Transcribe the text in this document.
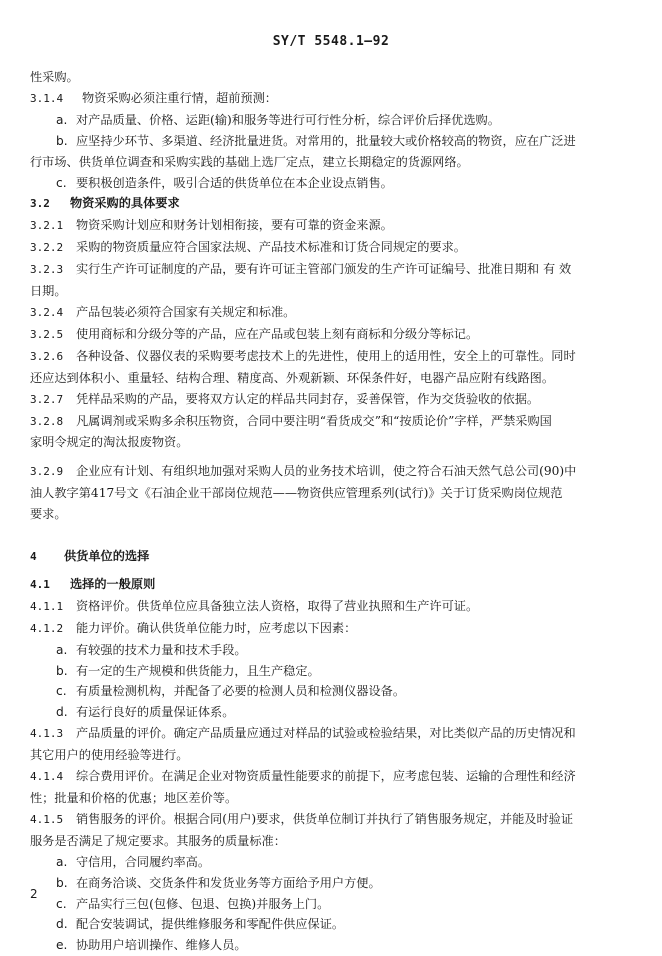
SY/T 5548.1—92

性采购。

3.1.4 物资采购必须注重行情，超前预测：

a. 对产品质量、价格、运距(输)和服务等进行可行性分析，综合评价后择优选购。

b. 应坚持少环节、多渠道、经济批量进货。对常用的，批量较大或价格较高的物资，应在广泛进

行市场、供货单位调查和采购实践的基础上选厂定点，建立长期稳定的货源网络。

c. 要积极创造条件，吸引合适的供货单位在本企业设点销售。

3.2 物资采购的具体要求

3.2.1 物资采购计划应和财务计划相衔接，要有可靠的资金来源。

3.2.2 采购的物资质量应符合国家法规、产品技术标准和订货合同规定的要求。

3.2.3 实行生产许可证制度的产品，要有许可证主管部门颁发的生产许可证编号、批准日期和 有 效

日期。

3.2.4 产品包装必须符合国家有关规定和标准。

3.2.5 使用商标和分级分等的产品，应在产品或包装上刻有商标和分级分等标记。

3.2.6 各种设备、仪器仪表的采购要考虑技术上的先进性，使用上的适用性，安全上的可靠性。同时

还应达到体积小、重量轻、结构合理、精度高、外观新颖、环保条件好，电器产品应附有线路图。

3.2.7 凭样品采购的产品，要将双方认定的样品共同封存，妥善保管，作为交货验收的依据。

3.2.8 凡属调剂或采购多余积压物资，合同中要注明“看货成交”和“按质论价”字样，严禁采购国

家明令规定的淘汰报废物资。

3.2.9 企业应有计划、有组织地加强对采购人员的业务技术培训，使之符合石油天然气总公司(90)中

油人教字第417号文《石油企业干部岗位规范——物资供应管理系列(试行)》关于订货采购岗位规范

要求。

4 供货单位的选择

4.1 选择的一般原则

4.1.1 资格评价。供货单位应具备独立法人资格，取得了营业执照和生产许可证。

4.1.2 能力评价。确认供货单位能力时，应考虑以下因素：

a. 有较强的技术力量和技术手段。

b. 有一定的生产规模和供货能力，且生产稳定。

c. 有质量检测机构，并配备了必要的检测人员和检测仪器设备。

d. 有运行良好的质量保证体系。

4.1.3 产品质量的评价。确定产品质量应通过对样品的试验或检验结果，对比类似产品的历史情况和

其它用户的使用经验等进行。

4.1.4 综合费用评价。在满足企业对物资质量性能要求的前提下，应考虑包装、运输的合理性和经济

性；批量和价格的优惠；地区差价等。

4.1.5 销售服务的评价。根据合同(用户)要求，供货单位制订并执行了销售服务规定，并能及时验证

服务是否满足了规定要求。其服务的质量标准：

a. 守信用，合同履约率高。

b. 在商务洽谈、交货条件和发货业务等方面给予用户方便。

c. 产品实行三包(包修、包退、包换)并服务上门。

d. 配合安装调试，提供维修服务和零配件供应保证。

e. 协助用户培训操作、维修人员。

2
